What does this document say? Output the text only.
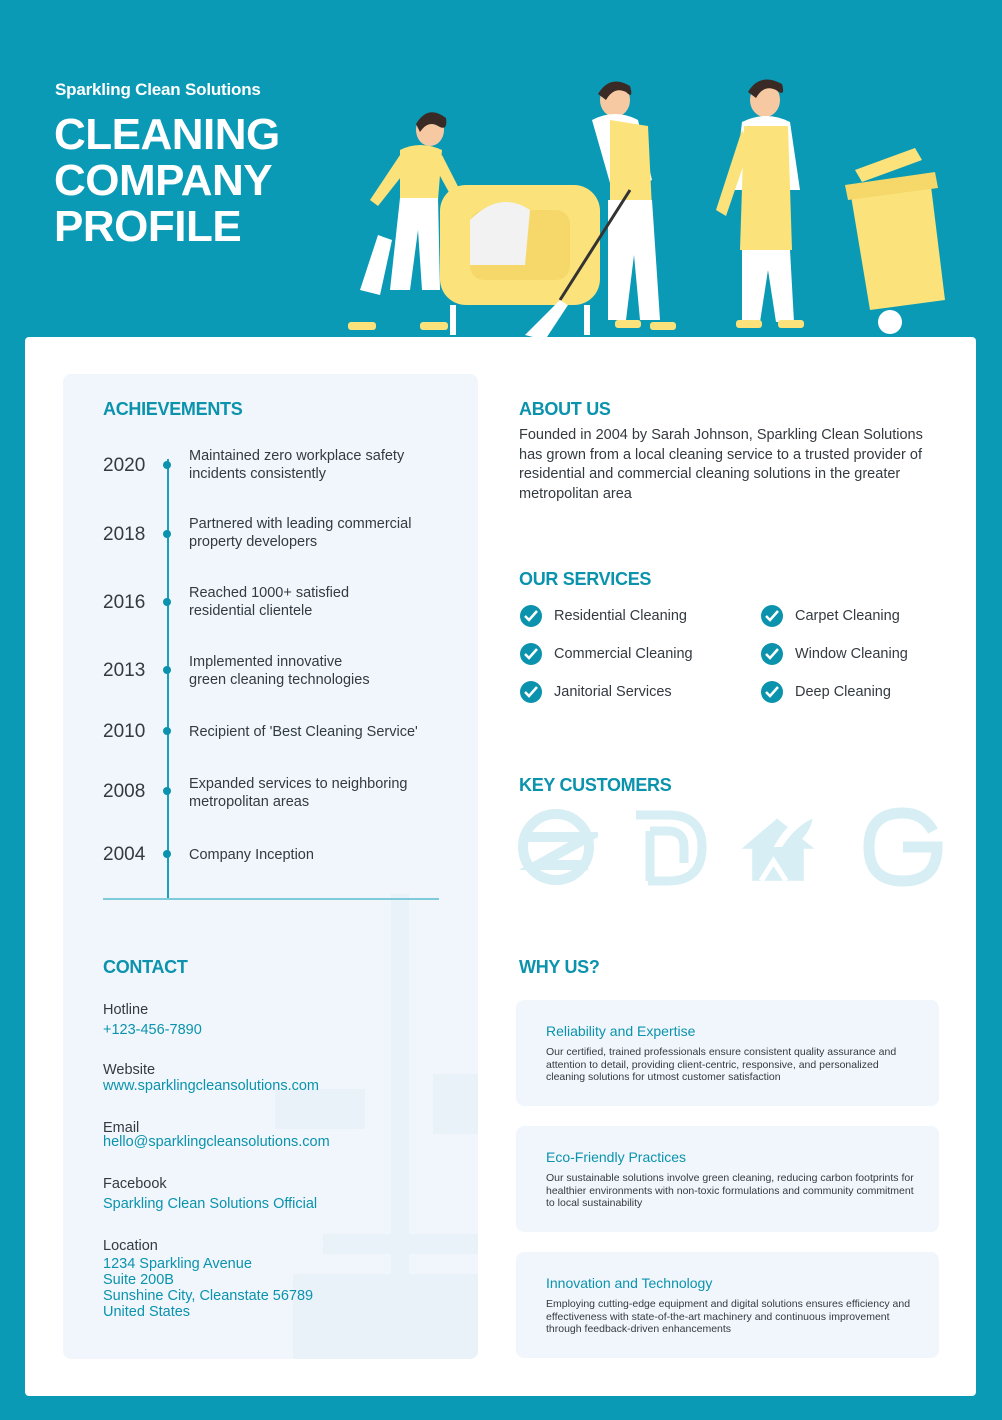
Sparkling Clean Solutions
CLEANING
COMPANY
PROFILE
ACHIEVEMENTS
2020	Maintained zero workplace safety
incidents consistently
2018	Partnered with leading commercial
property developers
2016	Reached 1000+ satisfied
residential clientele
2013	Implemented innovative
green cleaning technologies
2010	Recipient of 'Best Cleaning Service'
2008	Expanded services to neighboring
metropolitan areas
2004	Company Inception
CONTACT
Hotline
+123-456-7890
Website
www.sparklingcleansolutions.com
Email
hello@sparklingcleansolutions.com
Facebook
Sparkling Clean Solutions Official
Location
1234 Sparkling Avenue
Suite 200B
Sunshine City, Cleanstate 56789
United States
ABOUT US
Founded in 2004 by Sarah Johnson, Sparkling Clean Solutions has grown from a local cleaning service to a trusted provider of residential and commercial cleaning solutions in the greater metropolitan area
OUR SERVICES
Residential Cleaning	Carpet Cleaning
Commercial Cleaning	Window Cleaning
Janitorial Services	Deep Cleaning
KEY CUSTOMERS
WHY US?
Reliability and Expertise
Our certified, trained professionals ensure consistent quality assurance and attention to detail, providing client-centric, responsive, and personalized cleaning solutions for utmost customer satisfaction
Eco-Friendly Practices
Our sustainable solutions involve green cleaning, reducing carbon footprints for healthier environments with non-toxic formulations and community commitment to local sustainability
Innovation and Technology
Employing cutting-edge equipment and digital solutions ensures efficiency and effectiveness with state-of-the-art machinery and continuous improvement through feedback-driven enhancements
